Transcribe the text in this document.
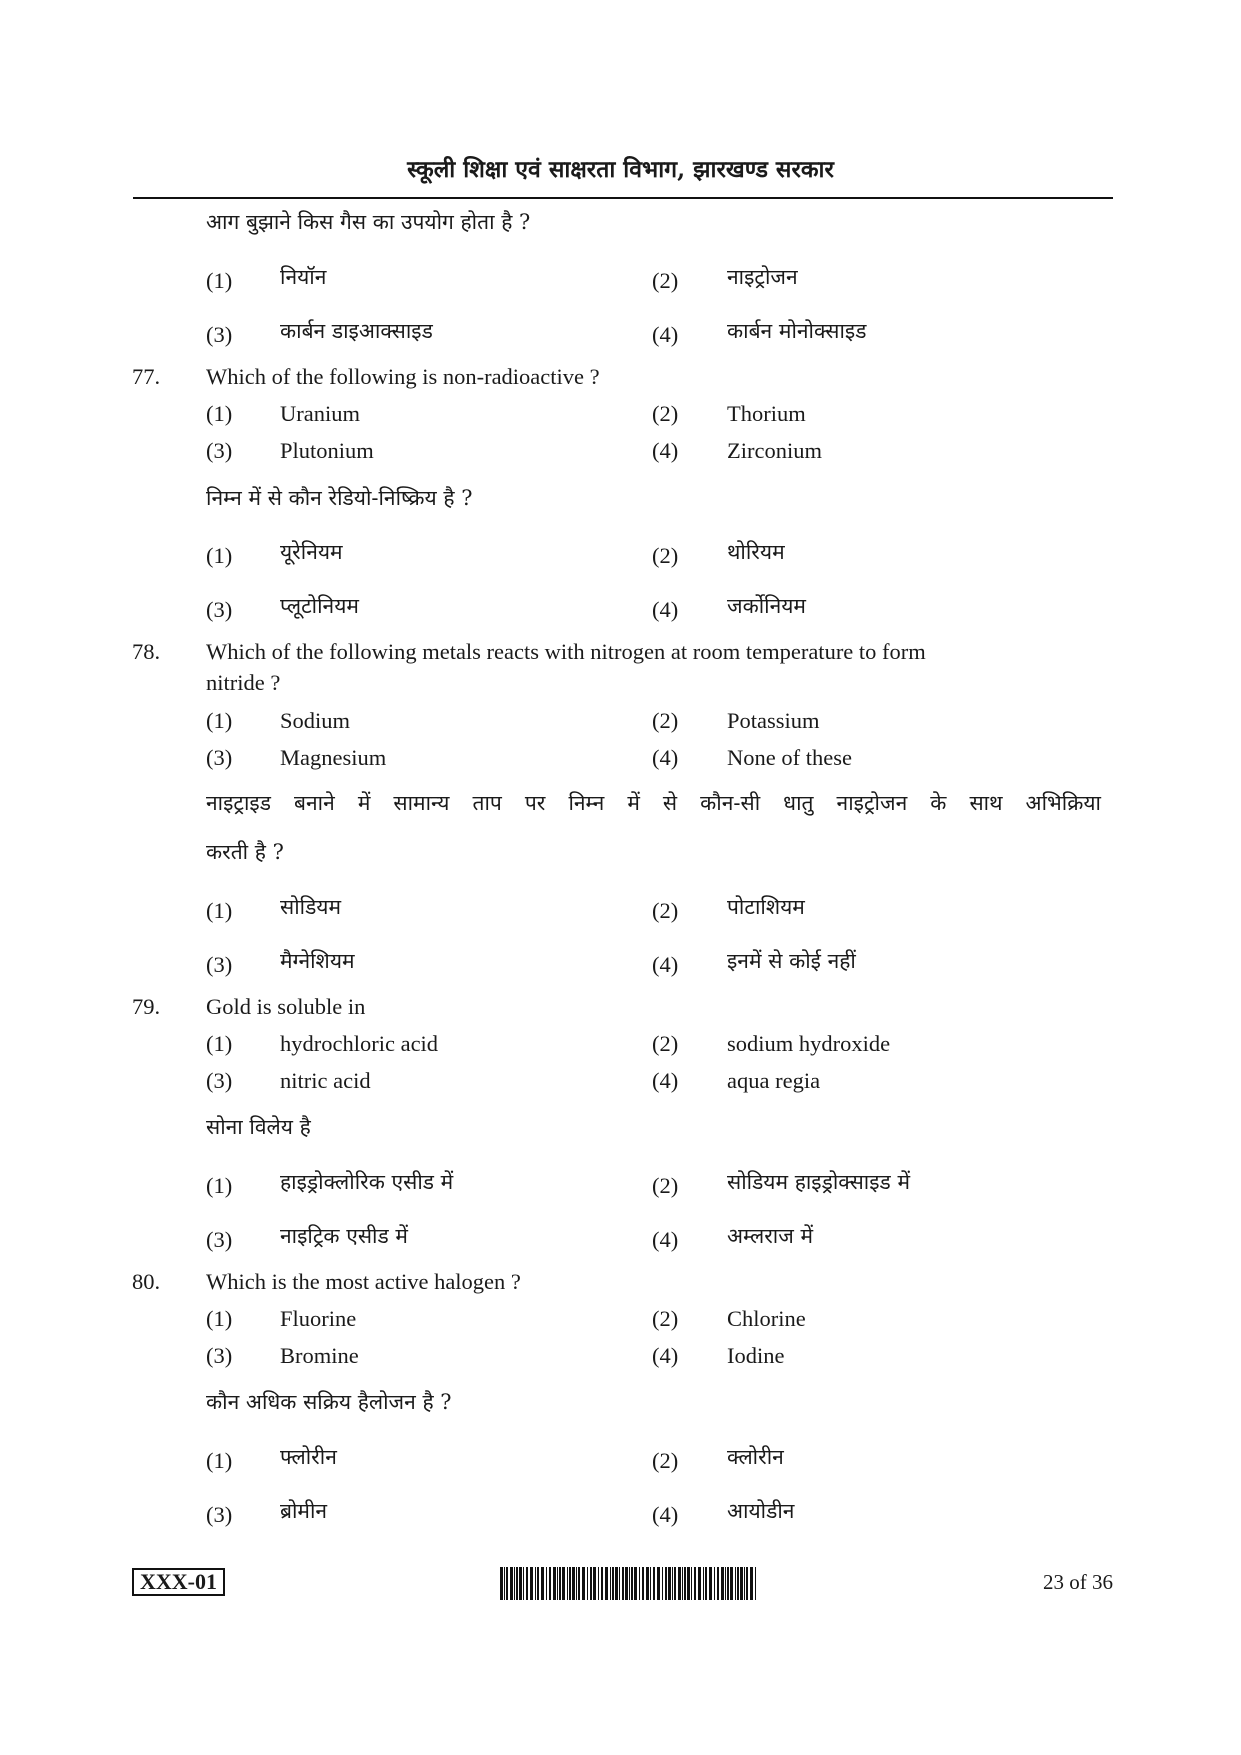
स्कूली शिक्षा एवं साक्षरता विभाग, झारखण्ड सरकार
आग बुझाने किस गैस का उपयोग होता है ?
(1) नियॉन	(2) नाइट्रोजन
(3) कार्बन डाइआक्साइड	(4) कार्बन मोनोक्साइड
77. Which of the following is non-radioactive ?
(1) Uranium	(2) Thorium
(3) Plutonium	(4) Zirconium
निम्न में से कौन रेडियो-निष्क्रिय है ?
(1) यूरेनियम	(2) थोरियम
(3) प्लूटोनियम	(4) जर्कोनियम
78. Which of the following metals reacts with nitrogen at room temperature to form
nitride ?
(1) Sodium	(2) Potassium
(3) Magnesium	(4) None of these
नाइट्राइड बनाने में सामान्य ताप पर निम्न में से कौन-सी धातु नाइट्रोजन के साथ अभिक्रिया
करती है ?
(1) सोडियम	(2) पोटाशियम
(3) मैग्नेशियम	(4) इनमें से कोई नहीं
79. Gold is soluble in
(1) hydrochloric acid	(2) sodium hydroxide
(3) nitric acid	(4) aqua regia
सोना विलेय है
(1) हाइड्रोक्लोरिक एसीड में	(2) सोडियम हाइड्रोक्साइड में
(3) नाइट्रिक एसीड में	(4) अम्लराज में
80. Which is the most active halogen ?
(1) Fluorine	(2) Chlorine
(3) Bromine	(4) Iodine
कौन अधिक सक्रिय हैलोजन है ?
(1) फ्लोरीन	(2) क्लोरीन
(3) ब्रोमीन	(4) आयोडीन
XXX-01	23 of 36
